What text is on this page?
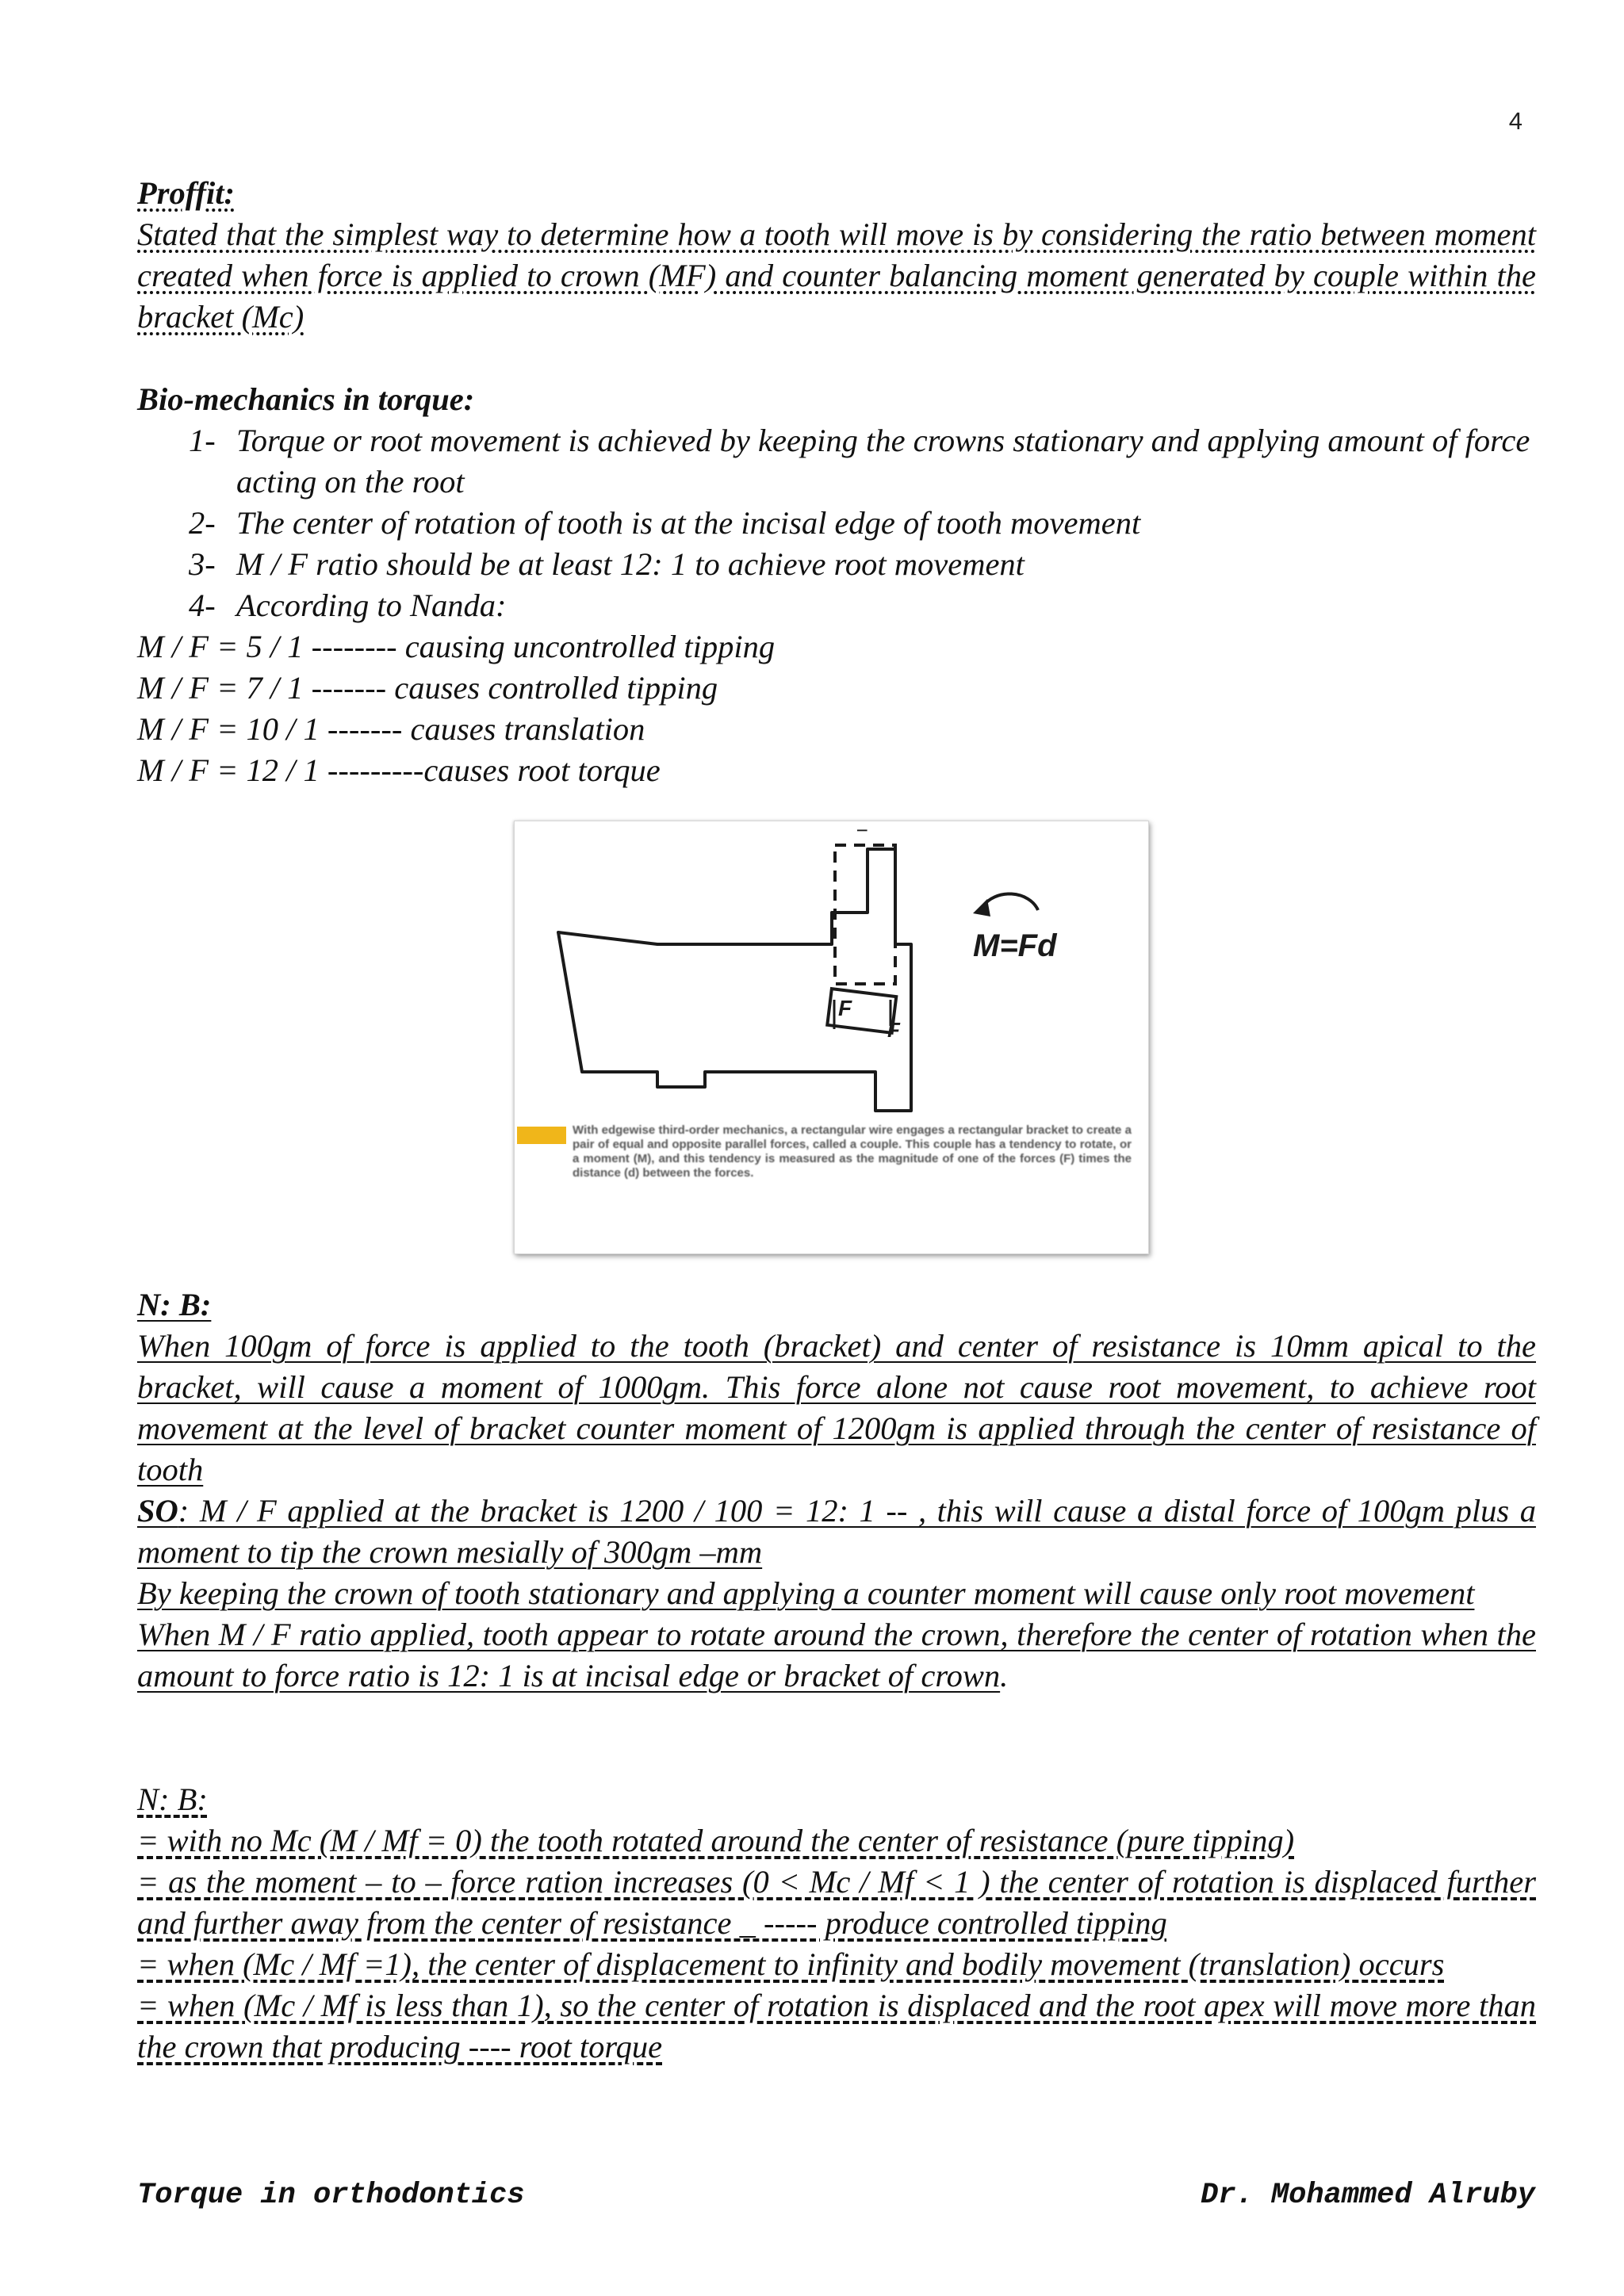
4

Proffit:

Stated that the simplest way to determine how a tooth will move is by considering the ratio between moment created when force is applied to crown (MF) and counter balancing moment generated by couple within the bracket (Mc)

Bio-mechanics in torque:

1- Torque or root movement is achieved by keeping the crowns stationary and applying amount of force acting on the root
2- The center of rotation of tooth is at the incisal edge of tooth movement
3- M / F ratio should be at least 12: 1 to achieve root movement
4- According to Nanda:

M / F = 5 / 1 -------- causing uncontrolled tipping

M / F = 7 / 1 ------- causes controlled tipping

M / F = 10 / 1 ------- causes translation

M / F = 12 / 1 ---------causes root torque

−
F
F
M=Fd
With edgewise third-order mechanics, a rectangular wire engages a rectangular bracket to create a pair of equal and opposite parallel forces, called a couple. This couple has a tendency to rotate, or a moment (M), and this tendency is measured as the magnitude of one of the forces (F) times the distance (d) between the forces.

N: B:

When 100gm of force is applied to the tooth (bracket) and center of resistance is 10mm apical to the bracket, will cause a moment of 1000gm. This force alone not cause root movement, to achieve root movement at the level of bracket counter moment of 1200gm is applied through the center of resistance of tooth

SO: M / F applied at the bracket is 1200 / 100 = 12: 1 -- , this will cause a distal force of 100gm plus a moment to tip the crown mesially of 300gm –mm

By keeping the crown of tooth stationary and applying a counter moment will cause only root movement

When M / F ratio applied, tooth appear to rotate around the crown, therefore the center of rotation when the amount to force ratio is 12: 1 is at incisal edge or bracket of crown.

N: B:

= with no Mc (M / Mf = 0) the tooth rotated around the center of resistance (pure tipping)

= as the moment – to – force ration increases (0 < Mc / Mf < 1 ) the center of rotation is displaced further and further away from the center of resistance _ ----- produce controlled tipping

= when (Mc / Mf =1), the center of displacement to infinity and bodily movement (translation) occurs

= when (Mc / Mf is less than 1), so the center of rotation is displaced and the root apex will move more than the crown that producing ---- root torque

Torque in orthodontics	Dr. Mohammed Alruby
